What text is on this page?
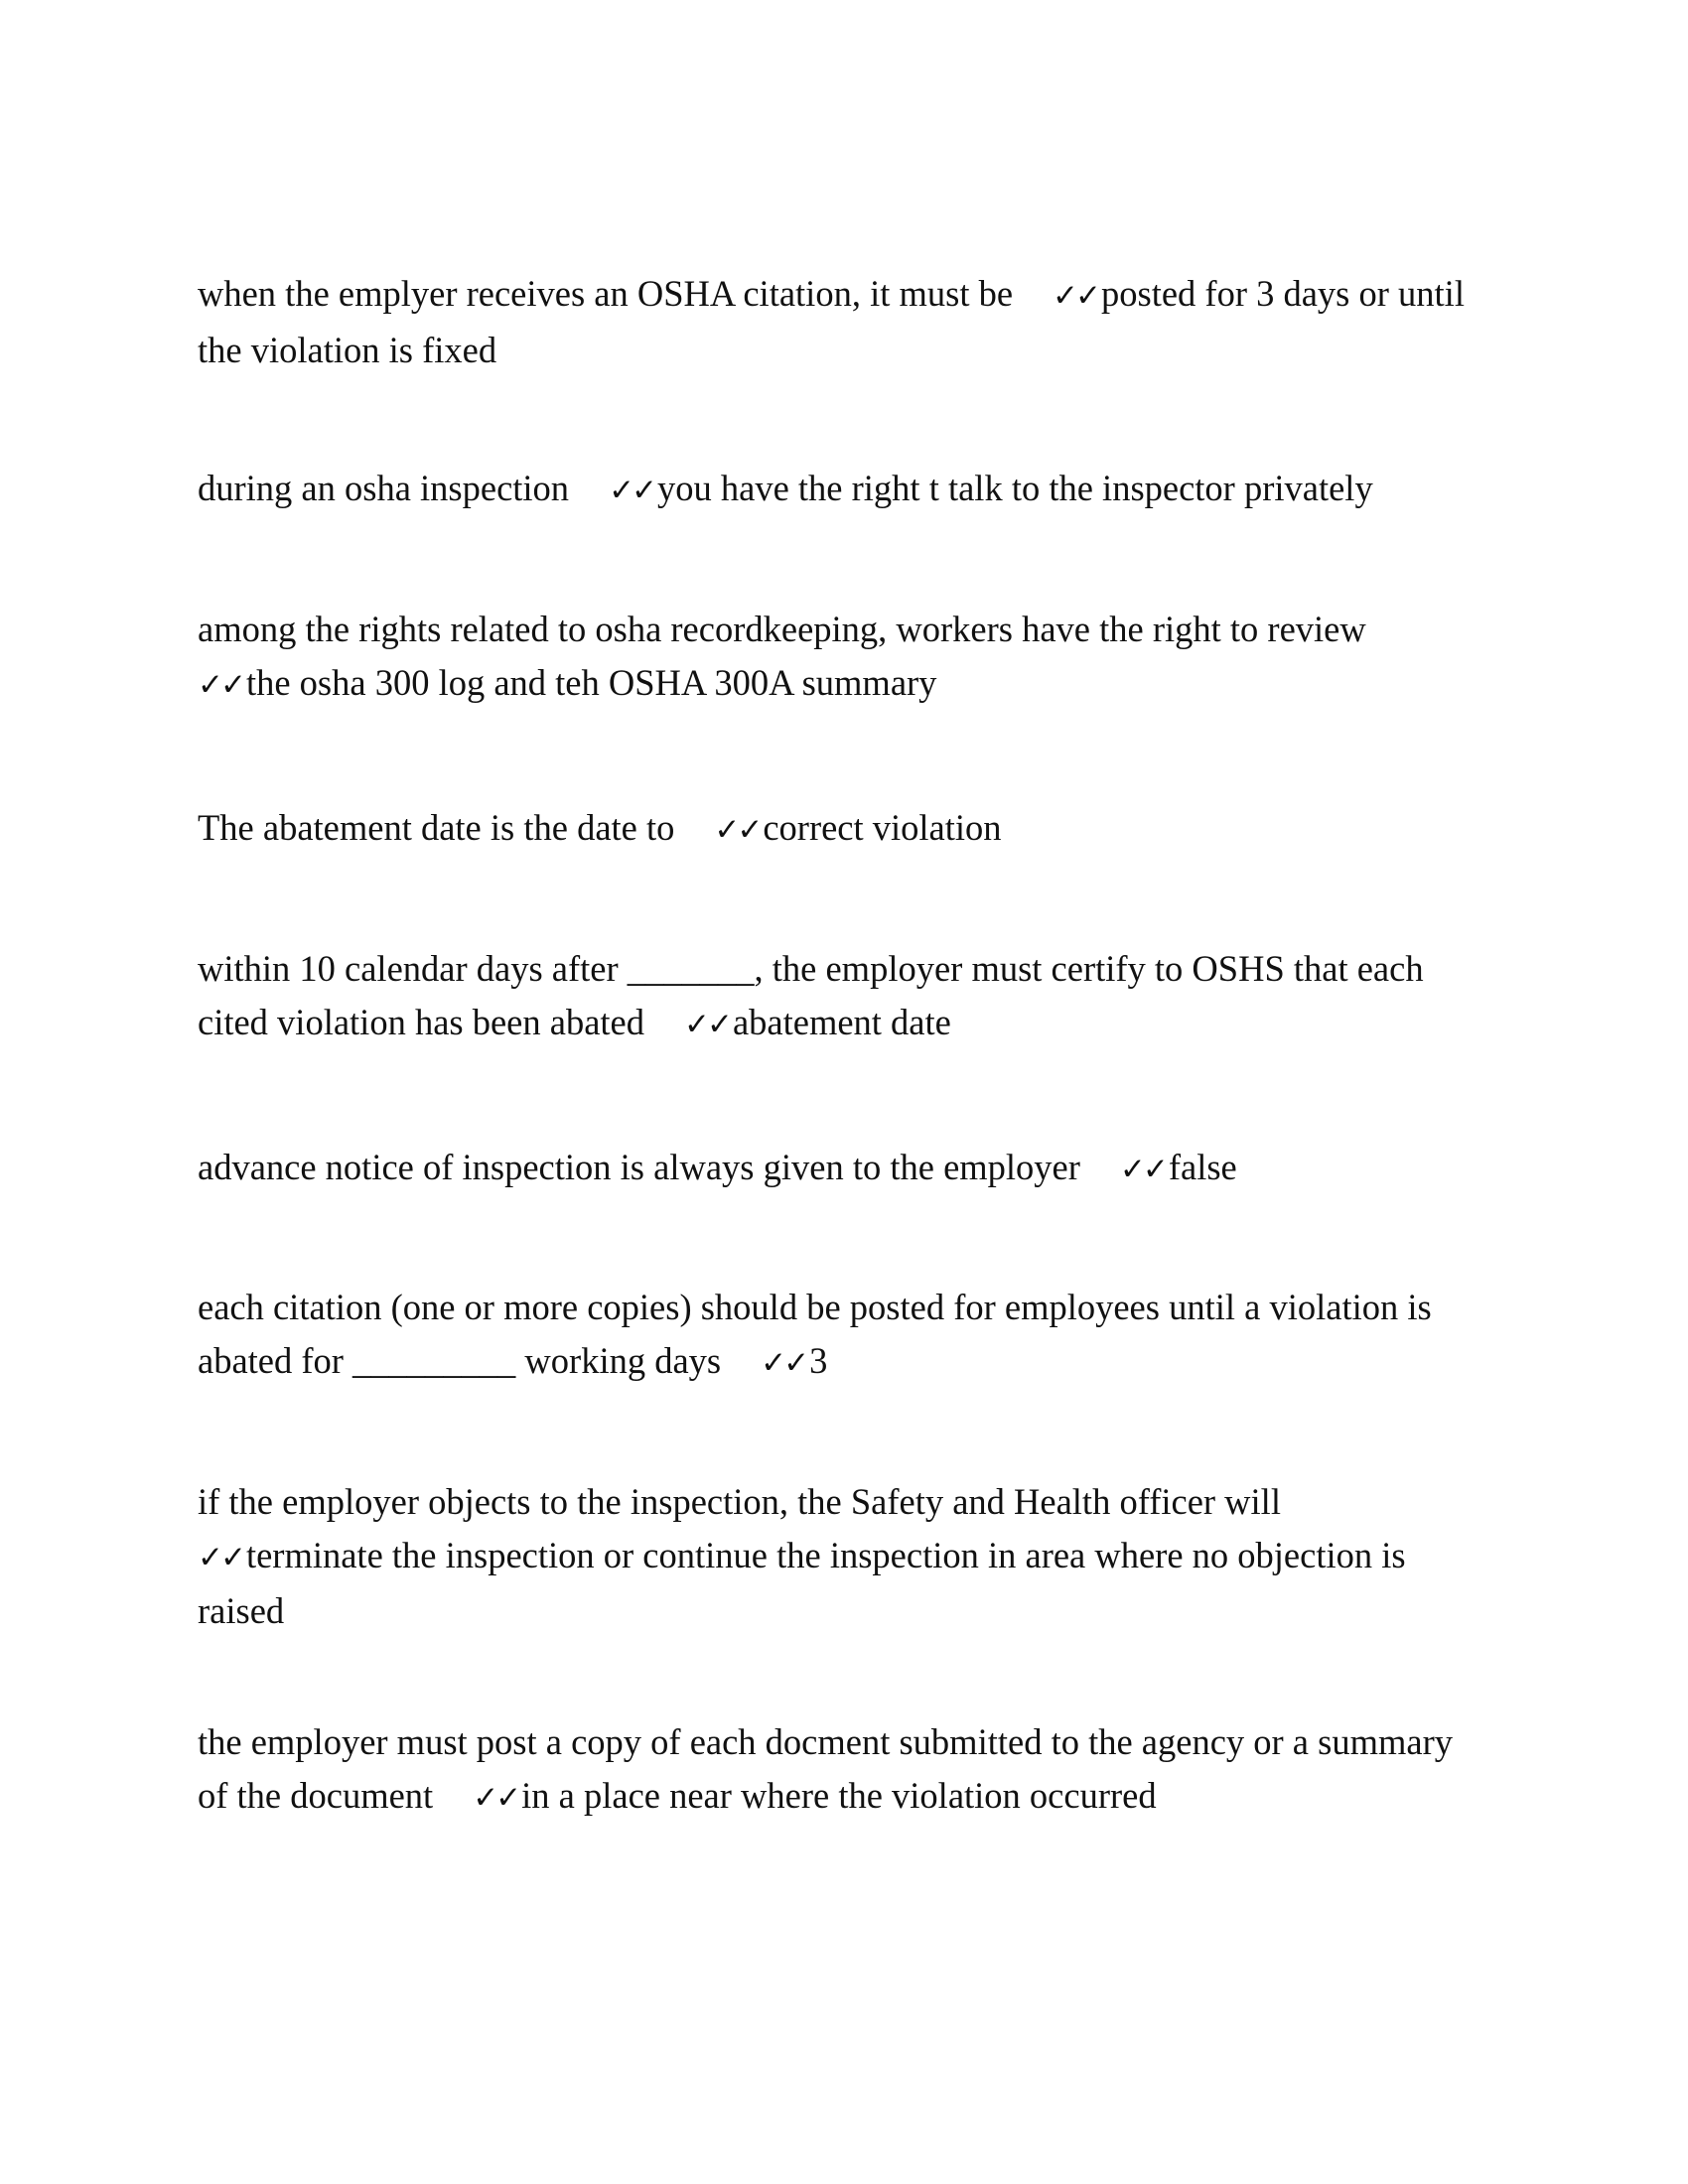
when the emplyer receives an OSHA citation, it must be ✓✓posted for 3 days or until the violation is fixed
during an osha inspection ✓✓you have the right t talk to the inspector privately
among the rights related to osha recordkeeping, workers have the right to review✓✓the osha 300 log and teh OSHA 300A summary
The abatement date is the date to ✓✓correct violation
within 10 calendar days after _______, the employer must certify to OSHS that each cited violation has been abated ✓✓abatement date
advance notice of inspection is always given to the employer ✓✓false
each citation (one or more copies) should be posted for employees until a violation is abated for _________ working days ✓✓3
if the employer objects to the inspection, the Safety and Health officer will✓✓terminate the inspection or continue the inspection in area where no objection is raised
the employer must post a copy of each docment submitted to the agency or a summary of the document ✓✓in a place near where the violation occurred
